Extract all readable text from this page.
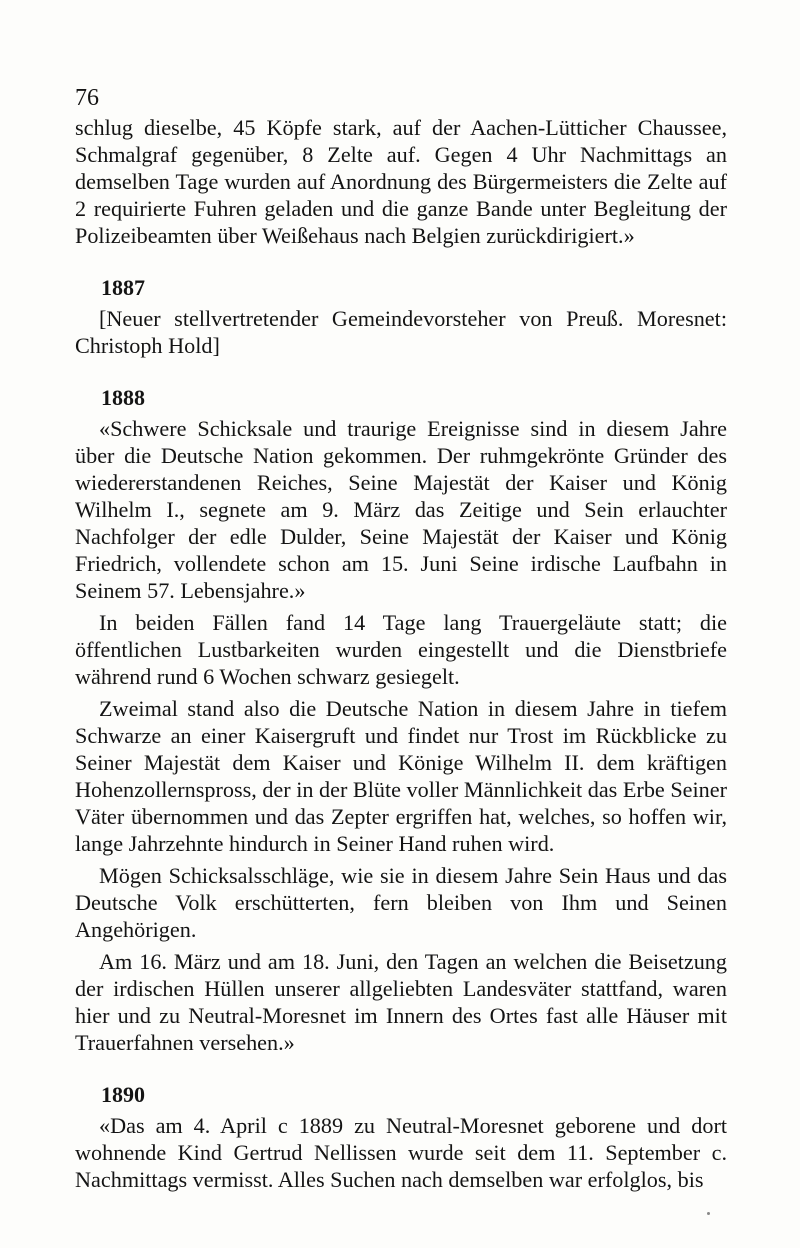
76

schlug dieselbe, 45 Köpfe stark, auf der Aachen-Lütticher Chaussee, Schmalgraf gegenüber, 8 Zelte auf. Gegen 4 Uhr Nachmittags an demselben Tage wurden auf Anordnung des Bürgermeisters die Zelte auf 2 requirierte Fuhren geladen und die ganze Bande unter Begleitung der Polizeibeamten über Weißehaus nach Belgien zurückdirigiert.»

1887

[Neuer stellvertretender Gemeindevorsteher von Preuß. Moresnet: Christoph Hold]

1888

«Schwere Schicksale und traurige Ereignisse sind in diesem Jahre über die Deutsche Nation gekommen. Der ruhmgekrönte Gründer des wiedererstandenen Reiches, Seine Majestät der Kaiser und König Wilhelm I., segnete am 9. März das Zeitige und Sein erlauchter Nachfolger der edle Dulder, Seine Majestät der Kaiser und König Friedrich, vollendete schon am 15. Juni Seine irdische Laufbahn in Seinem 57. Lebensjahre.»

In beiden Fällen fand 14 Tage lang Trauergeläute statt; die öffentlichen Lustbarkeiten wurden eingestellt und die Dienstbriefe während rund 6 Wochen schwarz gesiegelt.

Zweimal stand also die Deutsche Nation in diesem Jahre in tiefem Schwarze an einer Kaisergruft und findet nur Trost im Rückblicke zu Seiner Majestät dem Kaiser und Könige Wilhelm II. dem kräftigen Hohenzollernspross, der in der Blüte voller Männlichkeit das Erbe Seiner Väter übernommen und das Zepter ergriffen hat, welches, so hoffen wir, lange Jahrzehnte hindurch in Seiner Hand ruhen wird.

Mögen Schicksalsschläge, wie sie in diesem Jahre Sein Haus und das Deutsche Volk erschütterten, fern bleiben von Ihm und Seinen Angehörigen.

Am 16. März und am 18. Juni, den Tagen an welchen die Beisetzung der irdischen Hüllen unserer allgeliebten Landesväter stattfand, waren hier und zu Neutral-Moresnet im Innern des Ortes fast alle Häuser mit Trauerfahnen versehen.»

1890

«Das am 4. April c 1889 zu Neutral-Moresnet geborene und dort wohnende Kind Gertrud Nellissen wurde seit dem 11. September c. Nachmittags vermisst. Alles Suchen nach demselben war erfolglos, bis
